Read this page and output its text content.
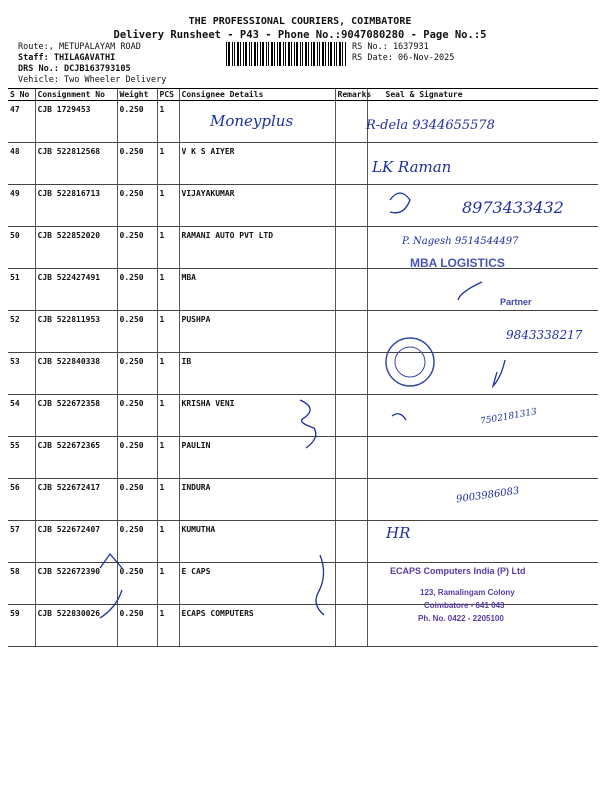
THE PROFESSIONAL COURIERS, COIMBATORE
Delivery Runsheet - P43 - Phone No.:9047080280 - Page No.:5
Route:, METUPALAYAM ROAD
Staff: THILAGAVATHI
DRS No.: DCJB163793105
Vehicle: Two Wheeler Delivery
RS No.: 1637931
RS Date: 06-Nov-2025
S No	Consignment No	Weight	PCS	Consignee Details	Remarks	Seal & Signature
47	CJB 1729453	0.250	1			
48	CJB 522812568	0.250	1	V K S AIYER		
49	CJB 522816713	0.250	1	VIJAYAKUMAR		
50	CJB 522852020	0.250	1	RAMANI AUTO PVT LTD		
51	CJB 522427491	0.250	1	MBA		
52	CJB 522811953	0.250	1	PUSHPA		
53	CJB 522840338	0.250	1	IB		
54	CJB 522672358	0.250	1	KRISHA VENI		
55	CJB 522672365	0.250	1	PAULIN		
56	CJB 522672417	0.250	1	INDURA		
57	CJB 522672407	0.250	1	KUMUTHA		
58	CJB 522672390	0.250	1	E CAPS		
59	CJB 522830026	0.250	1	ECAPS COMPUTERS		
Moneyplus	R-dela 9344655578
LK Raman
8973433432
P. Nagesh 9514544497
9843338217
7502181313
9003986083
HR
MBA LOGISTICS
Partner
ECAPS Computers India (P) Ltd
123, Ramalingam Colony
Coimbatore - 641 043
Ph. No. 0422 - 2205100
